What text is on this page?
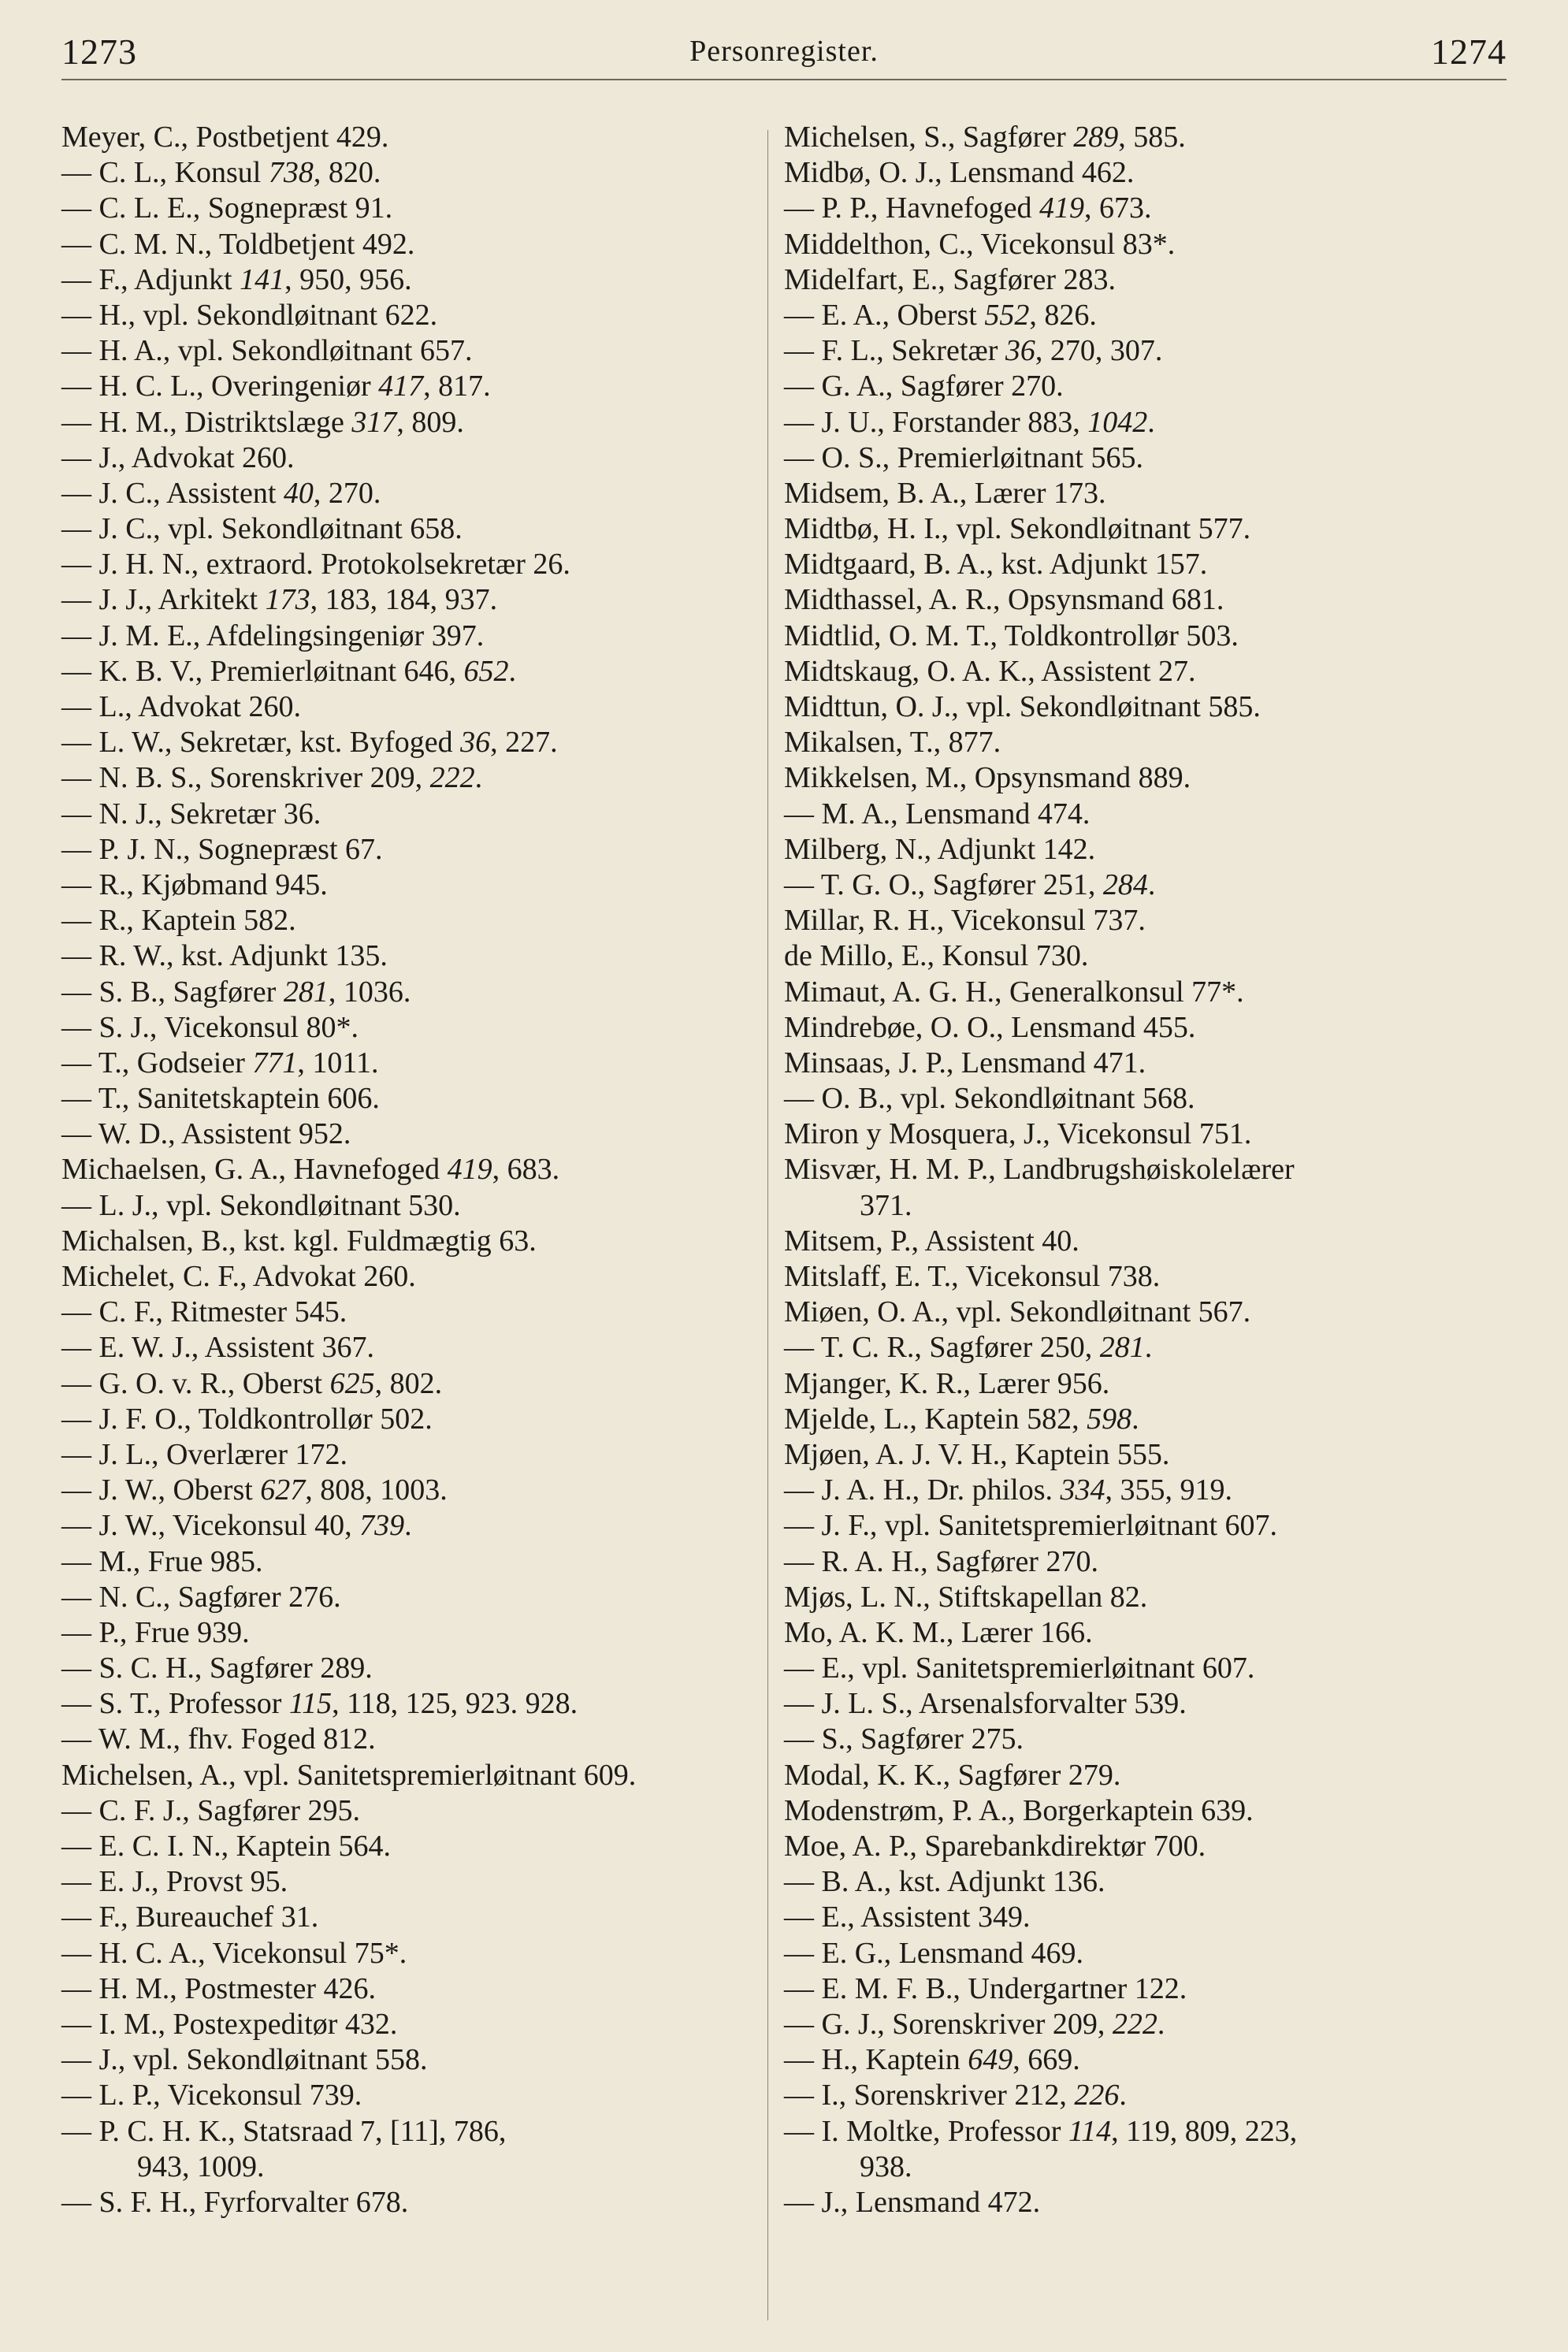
1273	Personregister.	1274
Meyer, C., Postbetjent 429.
— C. L., Konsul 738, 820.
— C. L. E., Sognepræst 91.
— C. M. N., Toldbetjent 492.
— F., Adjunkt 141, 950, 956.
— H., vpl. Sekondløitnant 622.
— H. A., vpl. Sekondløitnant 657.
— H. C. L., Overingeniør 417, 817.
— H. M., Distriktslæge 317, 809.
— J., Advokat 260.
— J. C., Assistent 40, 270.
— J. C., vpl. Sekondløitnant 658.
— J. H. N., extraord. Protokolsekretær 26.
— J. J., Arkitekt 173, 183, 184, 937.
— J. M. E., Afdelingsingeniør 397.
— K. B. V., Premierløitnant 646, 652.
— L., Advokat 260.
— L. W., Sekretær, kst. Byfoged 36, 227.
— N. B. S., Sorenskriver 209, 222.
— N. J., Sekretær 36.
— P. J. N., Sognepræst 67.
— R., Kjøbmand 945.
— R., Kaptein 582.
— R. W., kst. Adjunkt 135.
— S. B., Sagfører 281, 1036.
— S. J., Vicekonsul 80*.
— T., Godseier 771, 1011.
— T., Sanitetskaptein 606.
— W. D., Assistent 952.
Michaelsen, G. A., Havnefoged 419, 683.
— L. J., vpl. Sekondløitnant 530.
Michalsen, B., kst. kgl. Fuldmægtig 63.
Michelet, C. F., Advokat 260.
— C. F., Ritmester 545.
— E. W. J., Assistent 367.
— G. O. v. R., Oberst 625, 802.
— J. F. O., Toldkontrollør 502.
— J. L., Overlærer 172.
— J. W., Oberst 627, 808, 1003.
— J. W., Vicekonsul 40, 739.
— M., Frue 985.
— N. C., Sagfører 276.
— P., Frue 939.
— S. C. H., Sagfører 289.
— S. T., Professor 115, 118, 125, 923. 928.
— W. M., fhv. Foged 812.
Michelsen, A., vpl. Sanitetspremierløitnant 609.
— C. F. J., Sagfører 295.
— E. C. I. N., Kaptein 564.
— E. J., Provst 95.
— F., Bureauchef 31.
— H. C. A., Vicekonsul 75*.
— H. M., Postmester 426.
— I. M., Postexpeditør 432.
— J., vpl. Sekondløitnant 558.
— L. P., Vicekonsul 739.
— P. C. H. K., Statsraad 7, [11], 786,
943, 1009.
— S. F. H., Fyrforvalter 678.
Michelsen, S., Sagfører 289, 585.
Midbø, O. J., Lensmand 462.
— P. P., Havnefoged 419, 673.
Middelthon, C., Vicekonsul 83*.
Midelfart, E., Sagfører 283.
— E. A., Oberst 552, 826.
— F. L., Sekretær 36, 270, 307.
— G. A., Sagfører 270.
— J. U., Forstander 883, 1042.
— O. S., Premierløitnant 565.
Midsem, B. A., Lærer 173.
Midtbø, H. I., vpl. Sekondløitnant 577.
Midtgaard, B. A., kst. Adjunkt 157.
Midthassel, A. R., Opsynsmand 681.
Midtlid, O. M. T., Toldkontrollør 503.
Midtskaug, O. A. K., Assistent 27.
Midttun, O. J., vpl. Sekondløitnant 585.
Mikalsen, T., 877.
Mikkelsen, M., Opsynsmand 889.
— M. A., Lensmand 474.
Milberg, N., Adjunkt 142.
— T. G. O., Sagfører 251, 284.
Millar, R. H., Vicekonsul 737.
de Millo, E., Konsul 730.
Mimaut, A. G. H., Generalkonsul 77*.
Mindrebøe, O. O., Lensmand 455.
Minsaas, J. P., Lensmand 471.
— O. B., vpl. Sekondløitnant 568.
Miron y Mosquera, J., Vicekonsul 751.
Misvær, H. M. P., Landbrugshøiskolelærer
371.
Mitsem, P., Assistent 40.
Mitslaff, E. T., Vicekonsul 738.
Miøen, O. A., vpl. Sekondløitnant 567.
— T. C. R., Sagfører 250, 281.
Mjanger, K. R., Lærer 956.
Mjelde, L., Kaptein 582, 598.
Mjøen, A. J. V. H., Kaptein 555.
— J. A. H., Dr. philos. 334, 355, 919.
— J. F., vpl. Sanitetspremierløitnant 607.
— R. A. H., Sagfører 270.
Mjøs, L. N., Stiftskapellan 82.
Mo, A. K. M., Lærer 166.
— E., vpl. Sanitetspremierløitnant 607.
— J. L. S., Arsenalsforvalter 539.
— S., Sagfører 275.
Modal, K. K., Sagfører 279.
Modenstrøm, P. A., Borgerkaptein 639.
Moe, A. P., Sparebankdirektør 700.
— B. A., kst. Adjunkt 136.
— E., Assistent 349.
— E. G., Lensmand 469.
— E. M. F. B., Undergartner 122.
— G. J., Sorenskriver 209, 222.
— H., Kaptein 649, 669.
— I., Sorenskriver 212, 226.
— I. Moltke, Professor 114, 119, 809, 223,
938.
— J., Lensmand 472.
